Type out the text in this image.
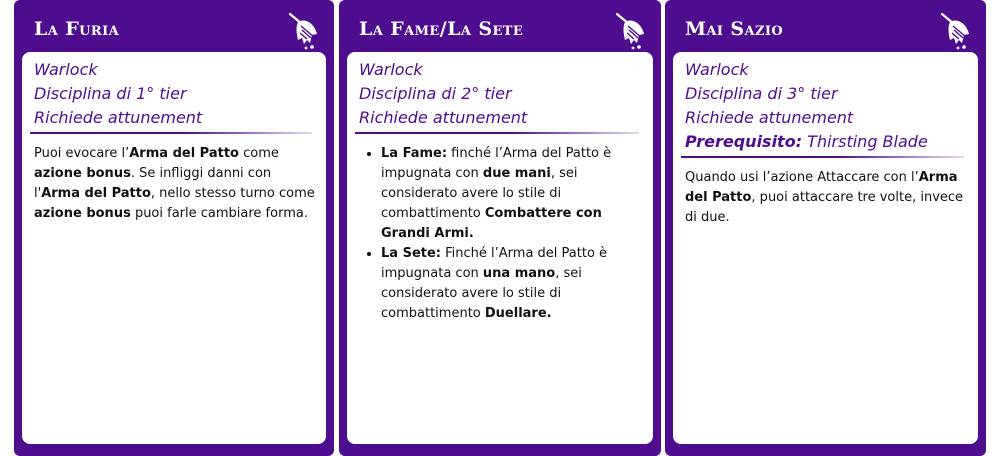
La Furia
Warlock
Disciplina di 1° tier
Richiede attunement
Puoi evocare l’Arma del Patto come azione bonus. Se infliggi danni con l'Arma del Patto, nello stesso turno come azione bonus puoi farle cambiare forma.
La Fame/La Sete
Warlock
Disciplina di 2° tier
Richiede attunement
• La Fame: finché l’Arma del Patto è impugnata con due mani, sei considerato avere lo stile di combattimento Combattere con Grandi Armi.
• La Sete: Finché l’Arma del Patto è impugnata con una mano, sei considerato avere lo stile di combattimento Duellare.
Mai Sazio
Warlock
Disciplina di 3° tier
Richiede attunement
Prerequisito: Thirsting Blade
Quando usi l’azione Attaccare con l’Arma del Patto, puoi attaccare tre volte, invece di due.
